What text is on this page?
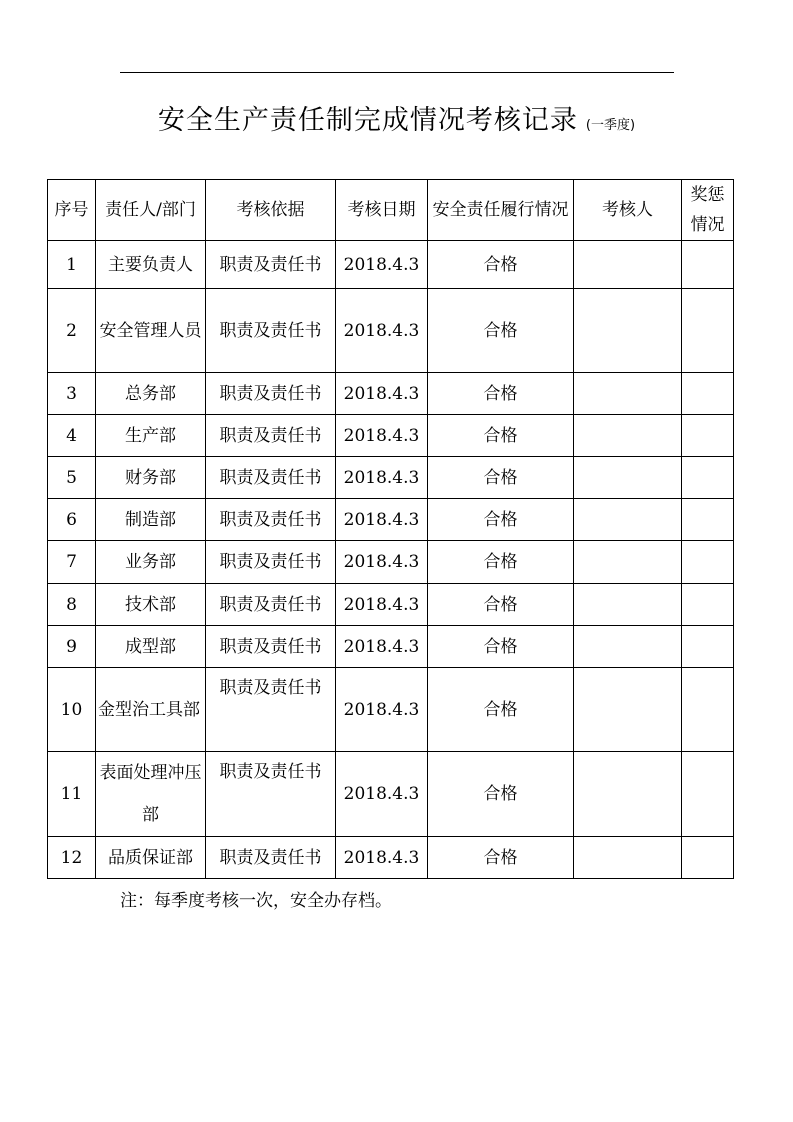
安全生产责任制完成情况考核记录 (一季度)
序号	责任人/部门	考核依据	考核日期	安全责任履行情况	考核人	奖惩情况
1	主要负责人	职责及责任书	2018.4.3	合格		
2	安全管理人员	职责及责任书	2018.4.3	合格		
3	总务部	职责及责任书	2018.4.3	合格		
4	生产部	职责及责任书	2018.4.3	合格		
5	财务部	职责及责任书	2018.4.3	合格		
6	制造部	职责及责任书	2018.4.3	合格		
7	业务部	职责及责任书	2018.4.3	合格		
8	技术部	职责及责任书	2018.4.3	合格		
9	成型部	职责及责任书	2018.4.3	合格		
10	金型治工具部	职责及责任书	2018.4.3	合格		
11	表面处理冲压部	职责及责任书	2018.4.3	合格		
12	品质保证部	职责及责任书	2018.4.3	合格		
注：每季度考核一次，安全办存档。
